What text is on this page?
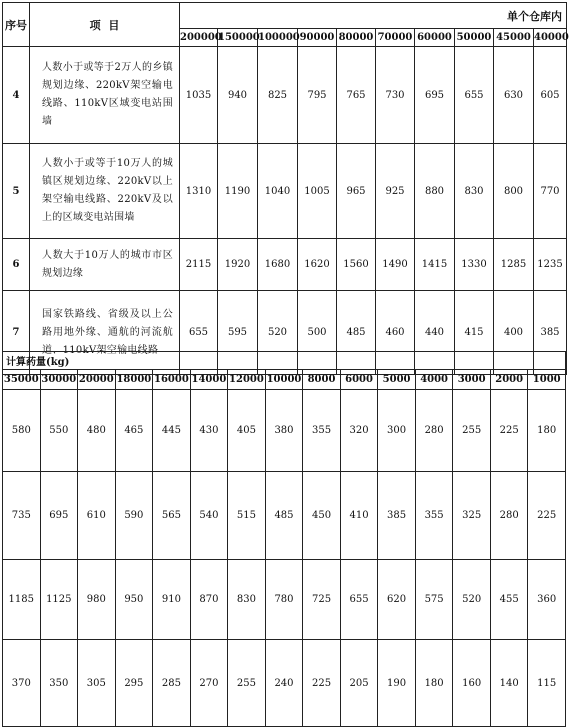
序号	项  目	单个仓库内										
		200000	150000	100000	90000	80000	70000	60000	50000	45000	40000	
4	人数小于或等于2万人的乡镇规划边缘、220kV架空输电线路、110kV区域变电站围墙	1035	940	825	795	765	730	695	655	630	605	
5	人数小于或等于10万人的城镇区规划边缘、220kV以上架空输电线路、220kV及以上的区域变电站围墙	1310	1190	1040	1005	965	925	880	830	800	770	
6	人数大于10万人的城市市区规划边缘	2115	1920	1680	1620	1560	1490	1415	1330	1285	1235	
7	国家铁路线、省级及以上公路用地外缘、通航的河流航道、110kV架空输电线路	655	595	520	500	485	460	440	415	400	385	
计算药量(kg)														
35000	30000	20000	18000	16000	14000	12000	10000	8000	6000	5000	4000	3000	2000	1000
580	550	480	465	445	430	405	380	355	320	300	280	255	225	180
735	695	610	590	565	540	515	485	450	410	385	355	325	280	225
1185	1125	980	950	910	870	830	780	725	655	620	575	520	455	360
370	350	305	295	285	270	255	240	225	205	190	180	160	140	115
